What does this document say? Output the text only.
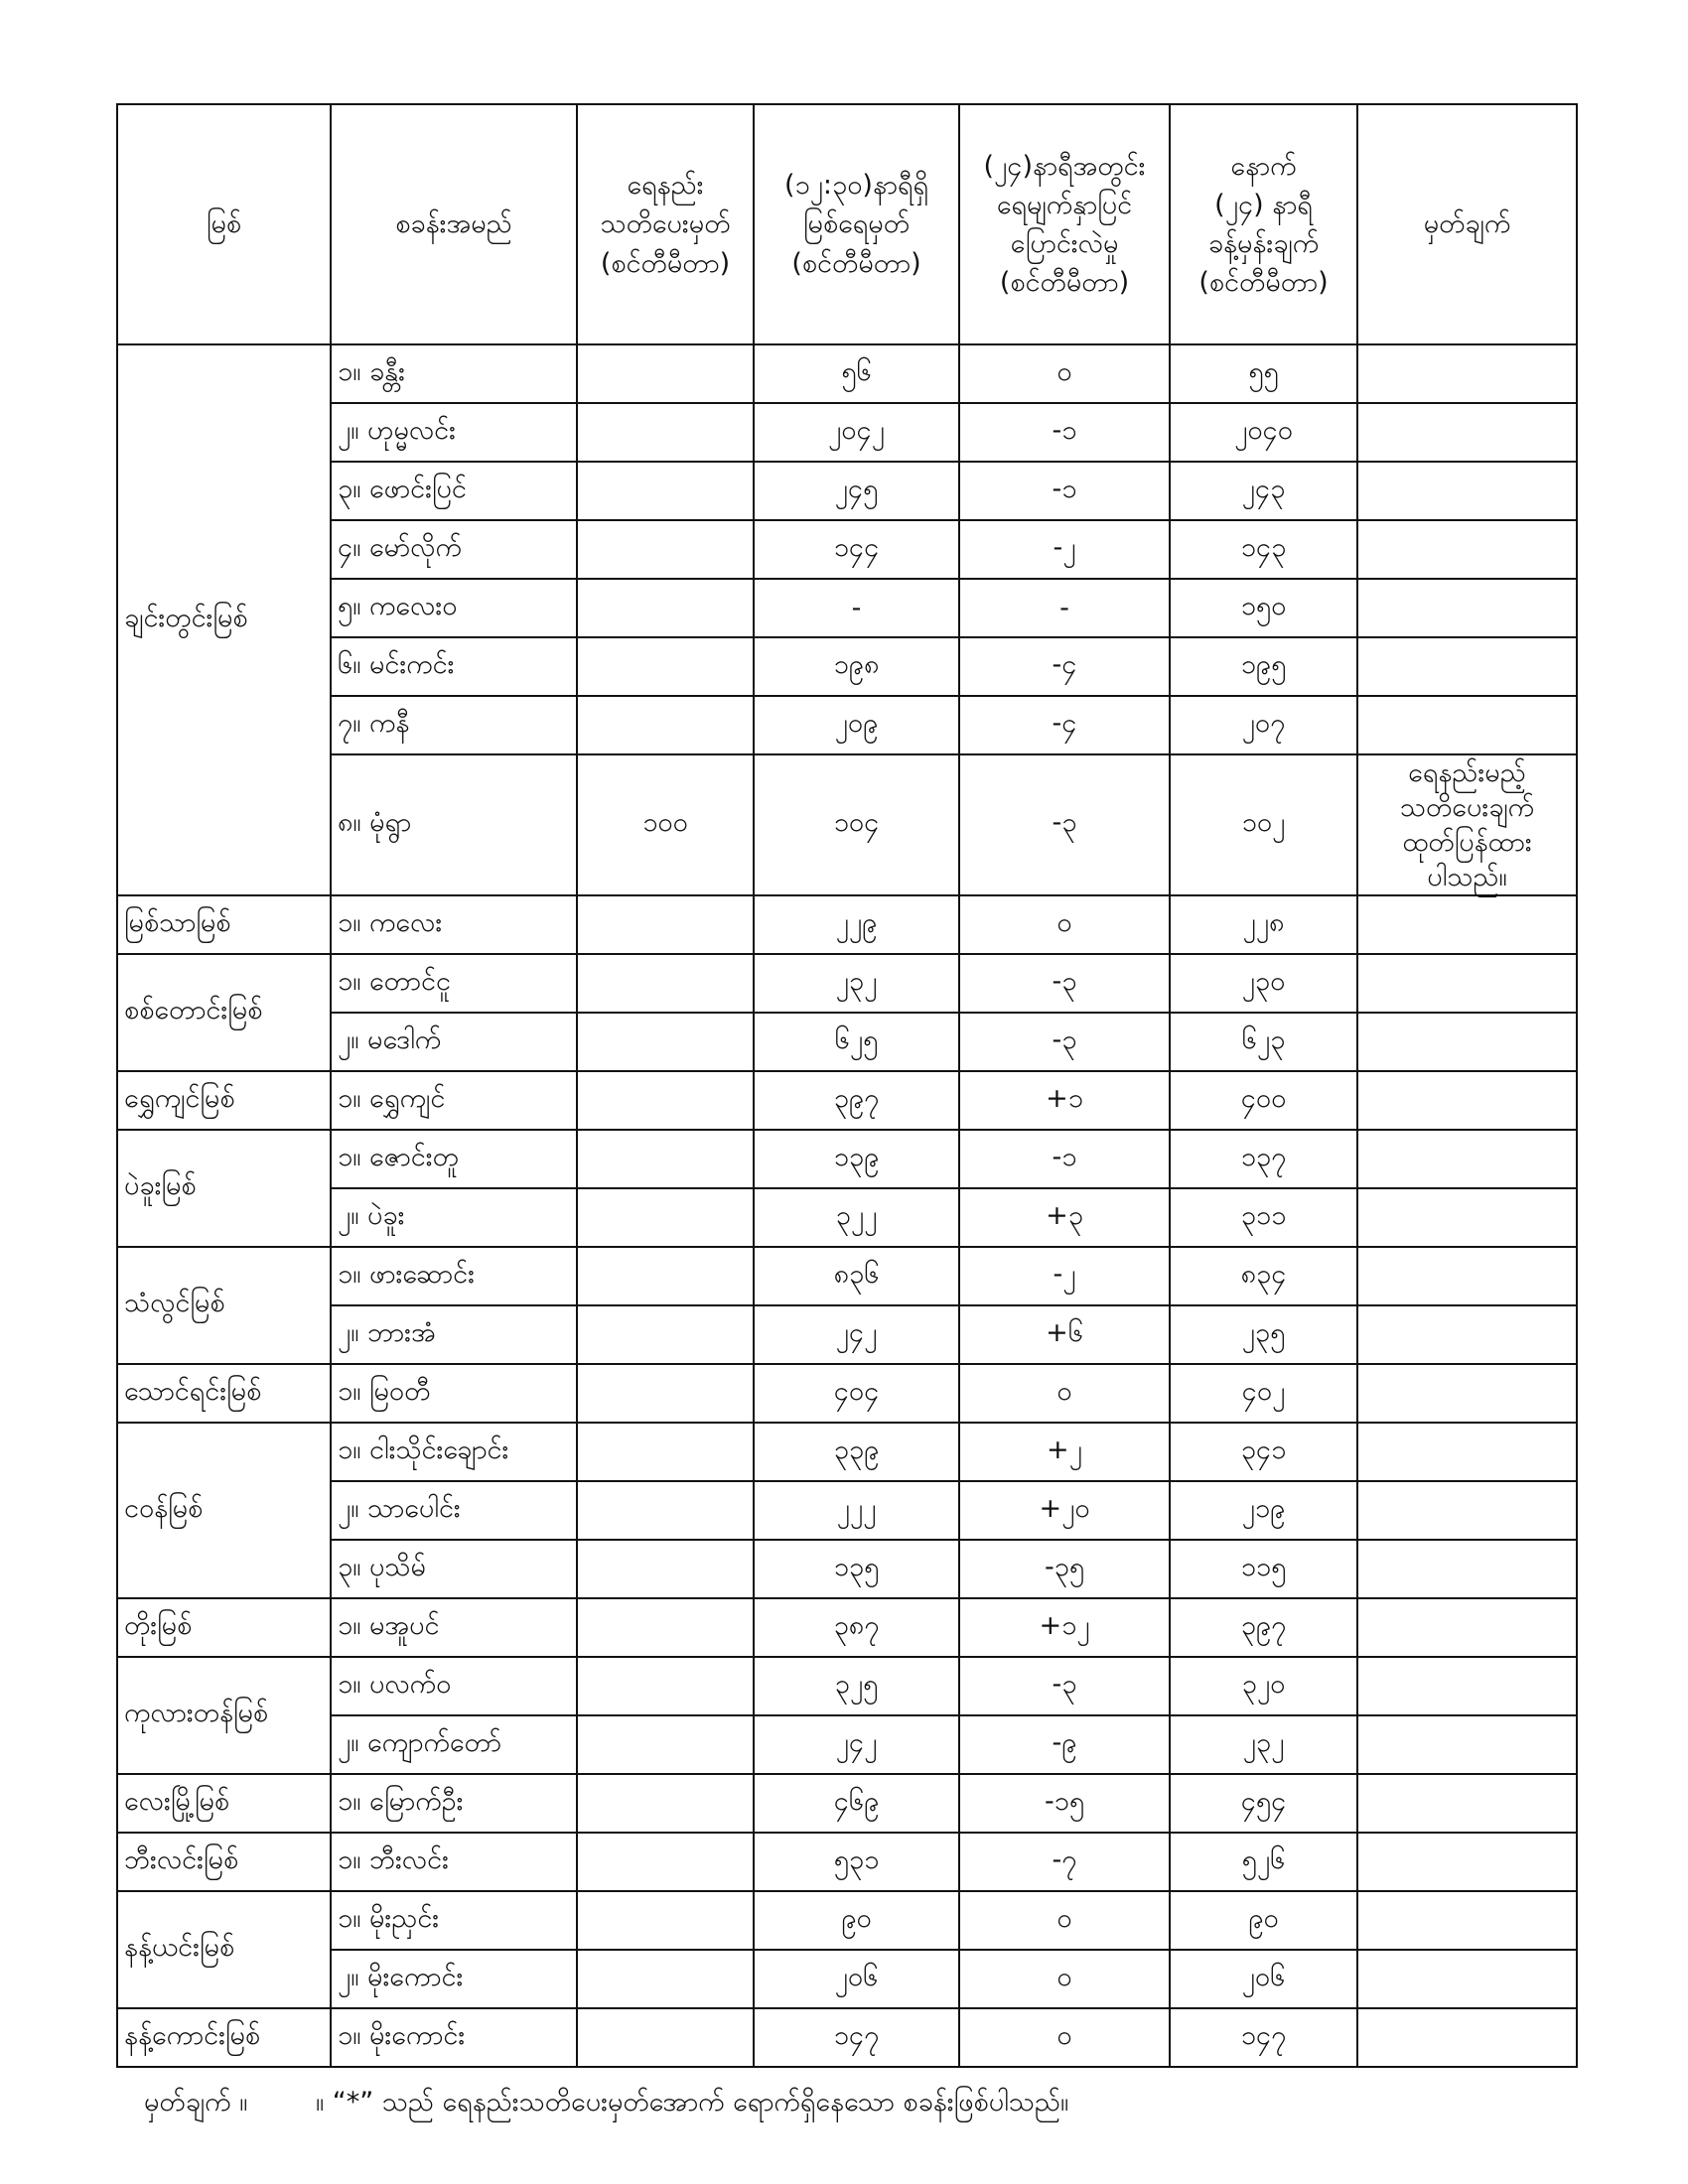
မြစ်	စခန်းအမည်	ရေနည်း
သတိပေးမှတ်
(စင်တီမီတာ)	(၁၂:၃၀)နာရီရှိ
မြစ်ရေမှတ်
(စင်တီမီတာ)	(၂၄)နာရီအတွင်း
ရေမျက်နှာပြင်
ပြောင်းလဲမှု
(စင်တီမီတာ)	နောက်
(၂၄) နာရီ
ခန့်မှန်းချက်
(စင်တီမီတာ)	မှတ်ချက်
ချင်းတွင်းမြစ်	၁။ ခန္တီး		၅၆	၀	၅၅	
	၂။ ဟုမ္မလင်း		၂၀၄၂	-၁	၂၀၄၀	
	၃။ ဖောင်းပြင်		၂၄၅	-၁	၂၄၃	
	၄။ မော်လိုက်		၁၄၄	-၂	၁၄၃	
	၅။ ကလေးဝ		-	-	၁၅၀	
	၆။ မင်းကင်း		၁၉၈	-၄	၁၉၅	
	၇။ ကနီ		၂၀၉	-၄	၂၀၇	
	၈။ မုံရွာ	၁၀၀	၁၀၄	-၃	၁၀၂	ရေနည်းမည့်သတိပေးချက်
ထုတ်ပြန်ထားပါသည်။
မြစ်သာမြစ်	၁။ ကလေး		၂၂၉	၀	၂၂၈	
စစ်တောင်းမြစ်	၁။ တောင်ငူ		၂၃၂	-၃	၂၃၀	
	၂။ မဒေါက်		၆၂၅	-၃	၆၂၃	
ရွှေကျင်မြစ်	၁။ ရွှေကျင်		၃၉၇	+၁	၄၀၀	
ပဲခူးမြစ်	၁။ ဇောင်းတူ		၁၃၉	-၁	၁၃၇	
	၂။ ပဲခူး		၃၂၂	+၃	၃၁၁	
သံလွင်မြစ်	၁။ ဖားဆောင်း		၈၃၆	-၂	၈၃၄	
	၂။ ဘားအံ		၂၄၂	+၆	၂၃၅	
သောင်ရင်းမြစ်	၁။ မြဝတီ		၄၀၄	၀	၄၀၂	
ငဝန်မြစ်	၁။ ငါးသိုင်းချောင်း		၃၃၉	+၂	၃၄၁	
	၂။ သာပေါင်း		၂၂၂	+၂၀	၂၁၉	
	၃။ ပုသိမ်		၁၃၅	-၃၅	၁၁၅	
တိုးမြစ်	၁။ မအူပင်		၃၈၇	+၁၂	၃၉၇	
ကုလားတန်မြစ်	၁။ ပလက်ဝ		၃၂၅	-၃	၃၂၀	
	၂။ ကျောက်တော်		၂၄၂	-၉	၂၃၂	
လေးမြို့မြစ်	၁။ မြောက်ဦး		၄၆၉	-၁၅	၄၅၄	
ဘီးလင်းမြစ်	၁။ ဘီးလင်း		၅၃၁	-၇	၅၂၆	
နန့်ယင်းမြစ်	၁။ မိုးညှင်း		၉၀	၀	၉၀	
	၂။ မိုးကောင်း		၂၀၆	၀	၂၀၆	
နန့်ကောင်းမြစ်	၁။ မိုးကောင်း		၁၄၇	၀	၁၄၇	
မှတ်ချက် ။	။ “*” သည် ရေနည်းသတိပေးမှတ်အောက် ရောက်ရှိနေသော စခန်းဖြစ်ပါသည်။
